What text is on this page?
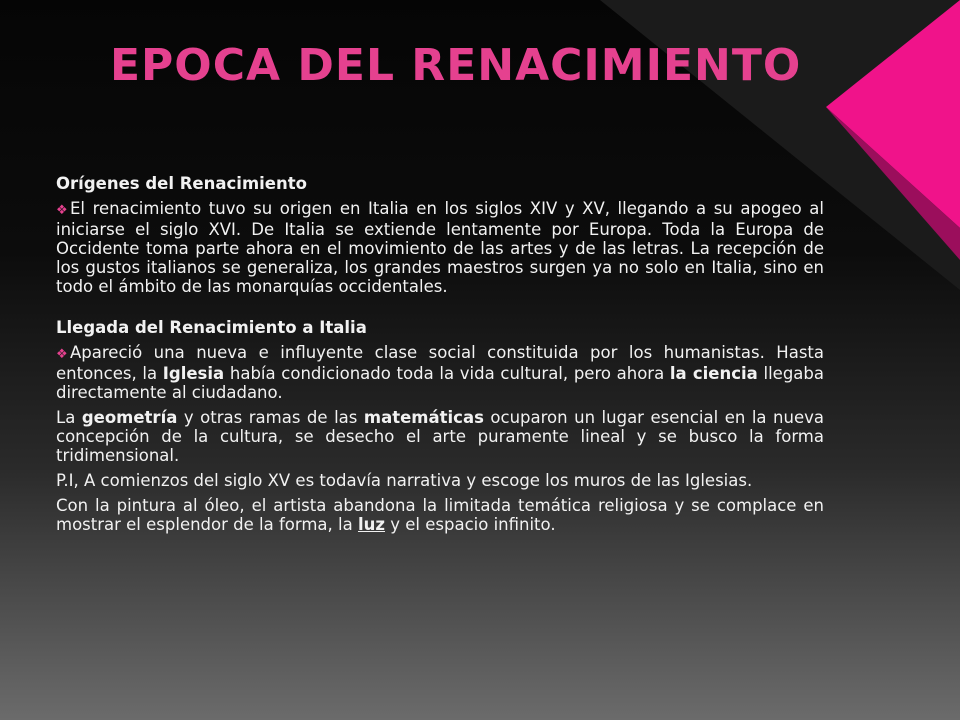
EPOCA DEL RENACIMIENTO

Orígenes del Renacimiento

❖ El renacimiento tuvo su origen en Italia en los siglos XIV y XV, llegando a su apogeo al iniciarse el siglo XVI. De Italia se extiende lentamente por Europa. Toda la Europa de Occidente toma parte ahora en el movimiento de las artes y de las letras. La recepción de los gustos italianos se generaliza, los grandes maestros surgen ya no solo en Italia, sino en todo el ámbito de las monarquías occidentales.

Llegada del Renacimiento a Italia

❖ Apareció una nueva e influyente clase social constituida por los humanistas. Hasta entonces, la Iglesia había condicionado toda la vida cultural, pero ahora la ciencia llegaba directamente al ciudadano.

La geometría y otras ramas de las matemáticas ocuparon un lugar esencial en la nueva concepción de la cultura, se desecho el arte puramente lineal y se busco la forma tridimensional.

P.I, A comienzos del siglo XV es todavía narrativa y escoge los muros de las Iglesias.

Con la pintura al óleo, el artista abandona la limitada temática religiosa y se complace en mostrar el esplendor de la forma, la luz y el espacio infinito.
